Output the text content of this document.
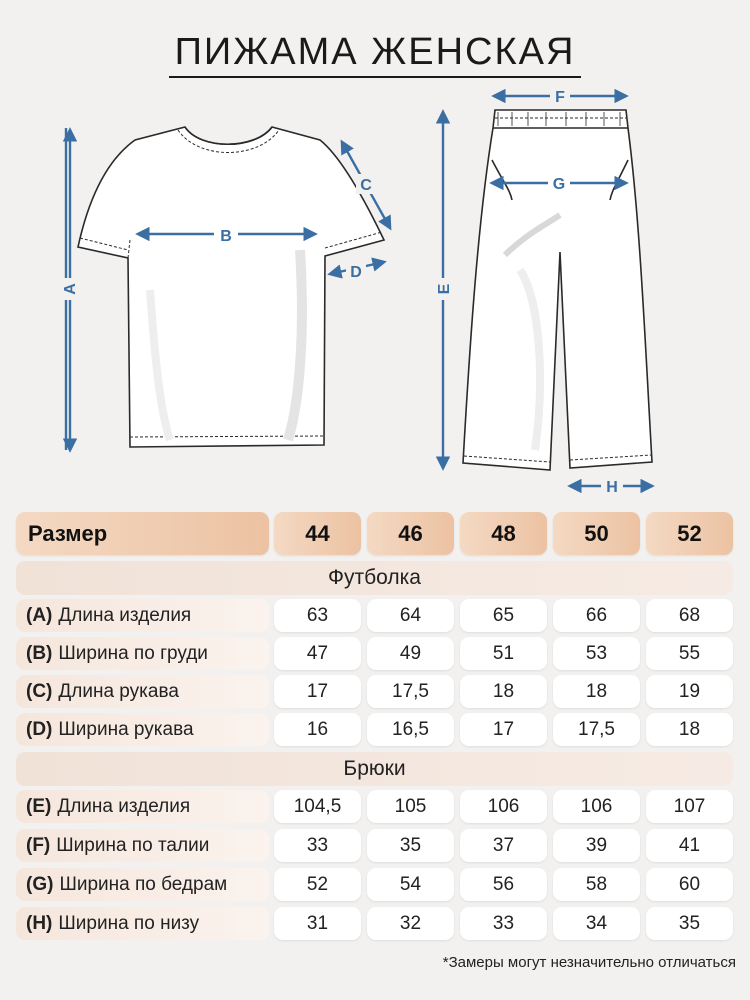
ПИЖАМА ЖЕНСКАЯ
A
B
C
D
E
F
G
H
Размер	44	46	48	50	52
Футболка
(A) Длина изделия	63	64	65	66	68
(B) Ширина по груди	47	49	51	53	55
(C) Длина рукава	17	17,5	18	18	19
(D) Ширина рукава	16	16,5	17	17,5	18
Брюки
(E) Длина изделия	104,5	105	106	106	107
(F) Ширина по талии	33	35	37	39	41
(G) Ширина по бедрам	52	54	56	58	60
(H) Ширина по низу	31	32	33	34	35
*Замеры могут незначительно отличаться
